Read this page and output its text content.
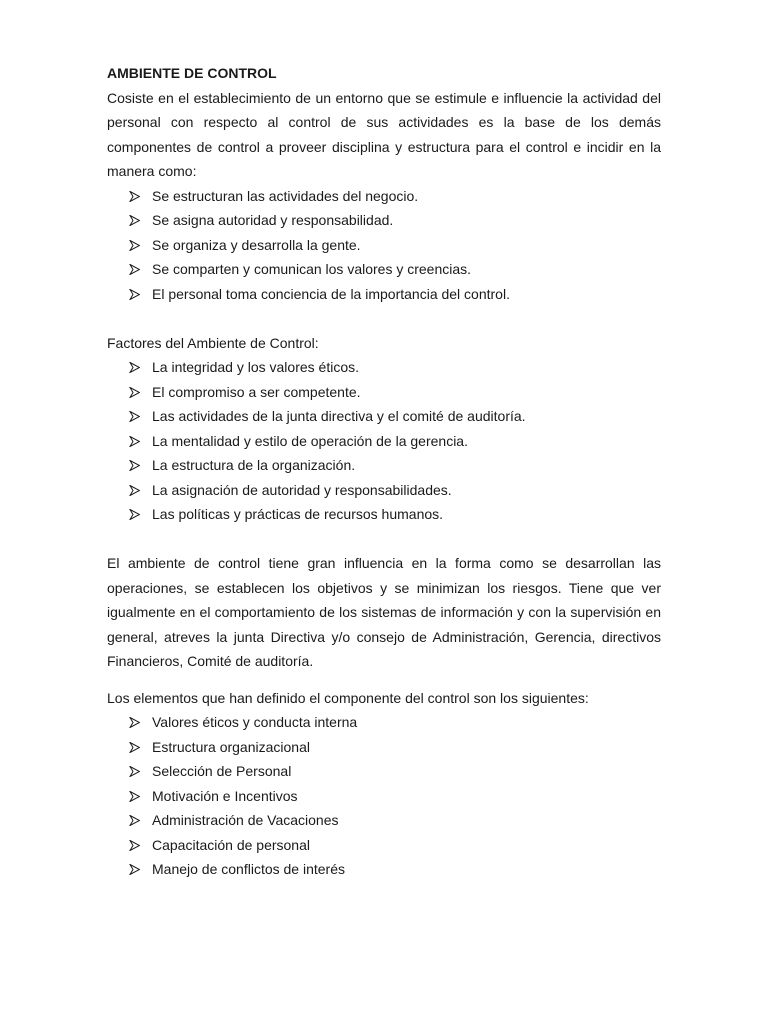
AMBIENTE DE CONTROL

Cosiste en el establecimiento de un entorno que se estimule e influencie la actividad del personal con respecto al control de sus actividades es la base de los demás componentes de control a proveer disciplina y estructura para el control e incidir en la manera como:

Se estructuran las actividades del negocio.
Se asigna autoridad y responsabilidad.
Se organiza y desarrolla la gente.
Se comparten y comunican los valores y creencias.
El personal toma conciencia de la importancia del control.

Factores del Ambiente de Control:

La integridad y los valores éticos.
El compromiso a ser competente.
Las actividades de la junta directiva y el comité de auditoría.
La mentalidad y estilo de operación de la gerencia.
La estructura de la organización.
La asignación de autoridad y responsabilidades.
Las políticas y prácticas de recursos humanos.

El ambiente de control tiene gran influencia en la forma como se desarrollan las operaciones, se establecen los objetivos y se minimizan los riesgos. Tiene que ver igualmente en el comportamiento de los sistemas de información y con la supervisión en general, atreves la junta Directiva y/o consejo de Administración, Gerencia, directivos Financieros, Comité de auditoría.

Los elementos que han definido el componente del control son los siguientes:

Valores éticos y conducta interna
Estructura organizacional
Selección de Personal
Motivación e Incentivos
Administración de Vacaciones
Capacitación de personal
Manejo de conflictos de interés
